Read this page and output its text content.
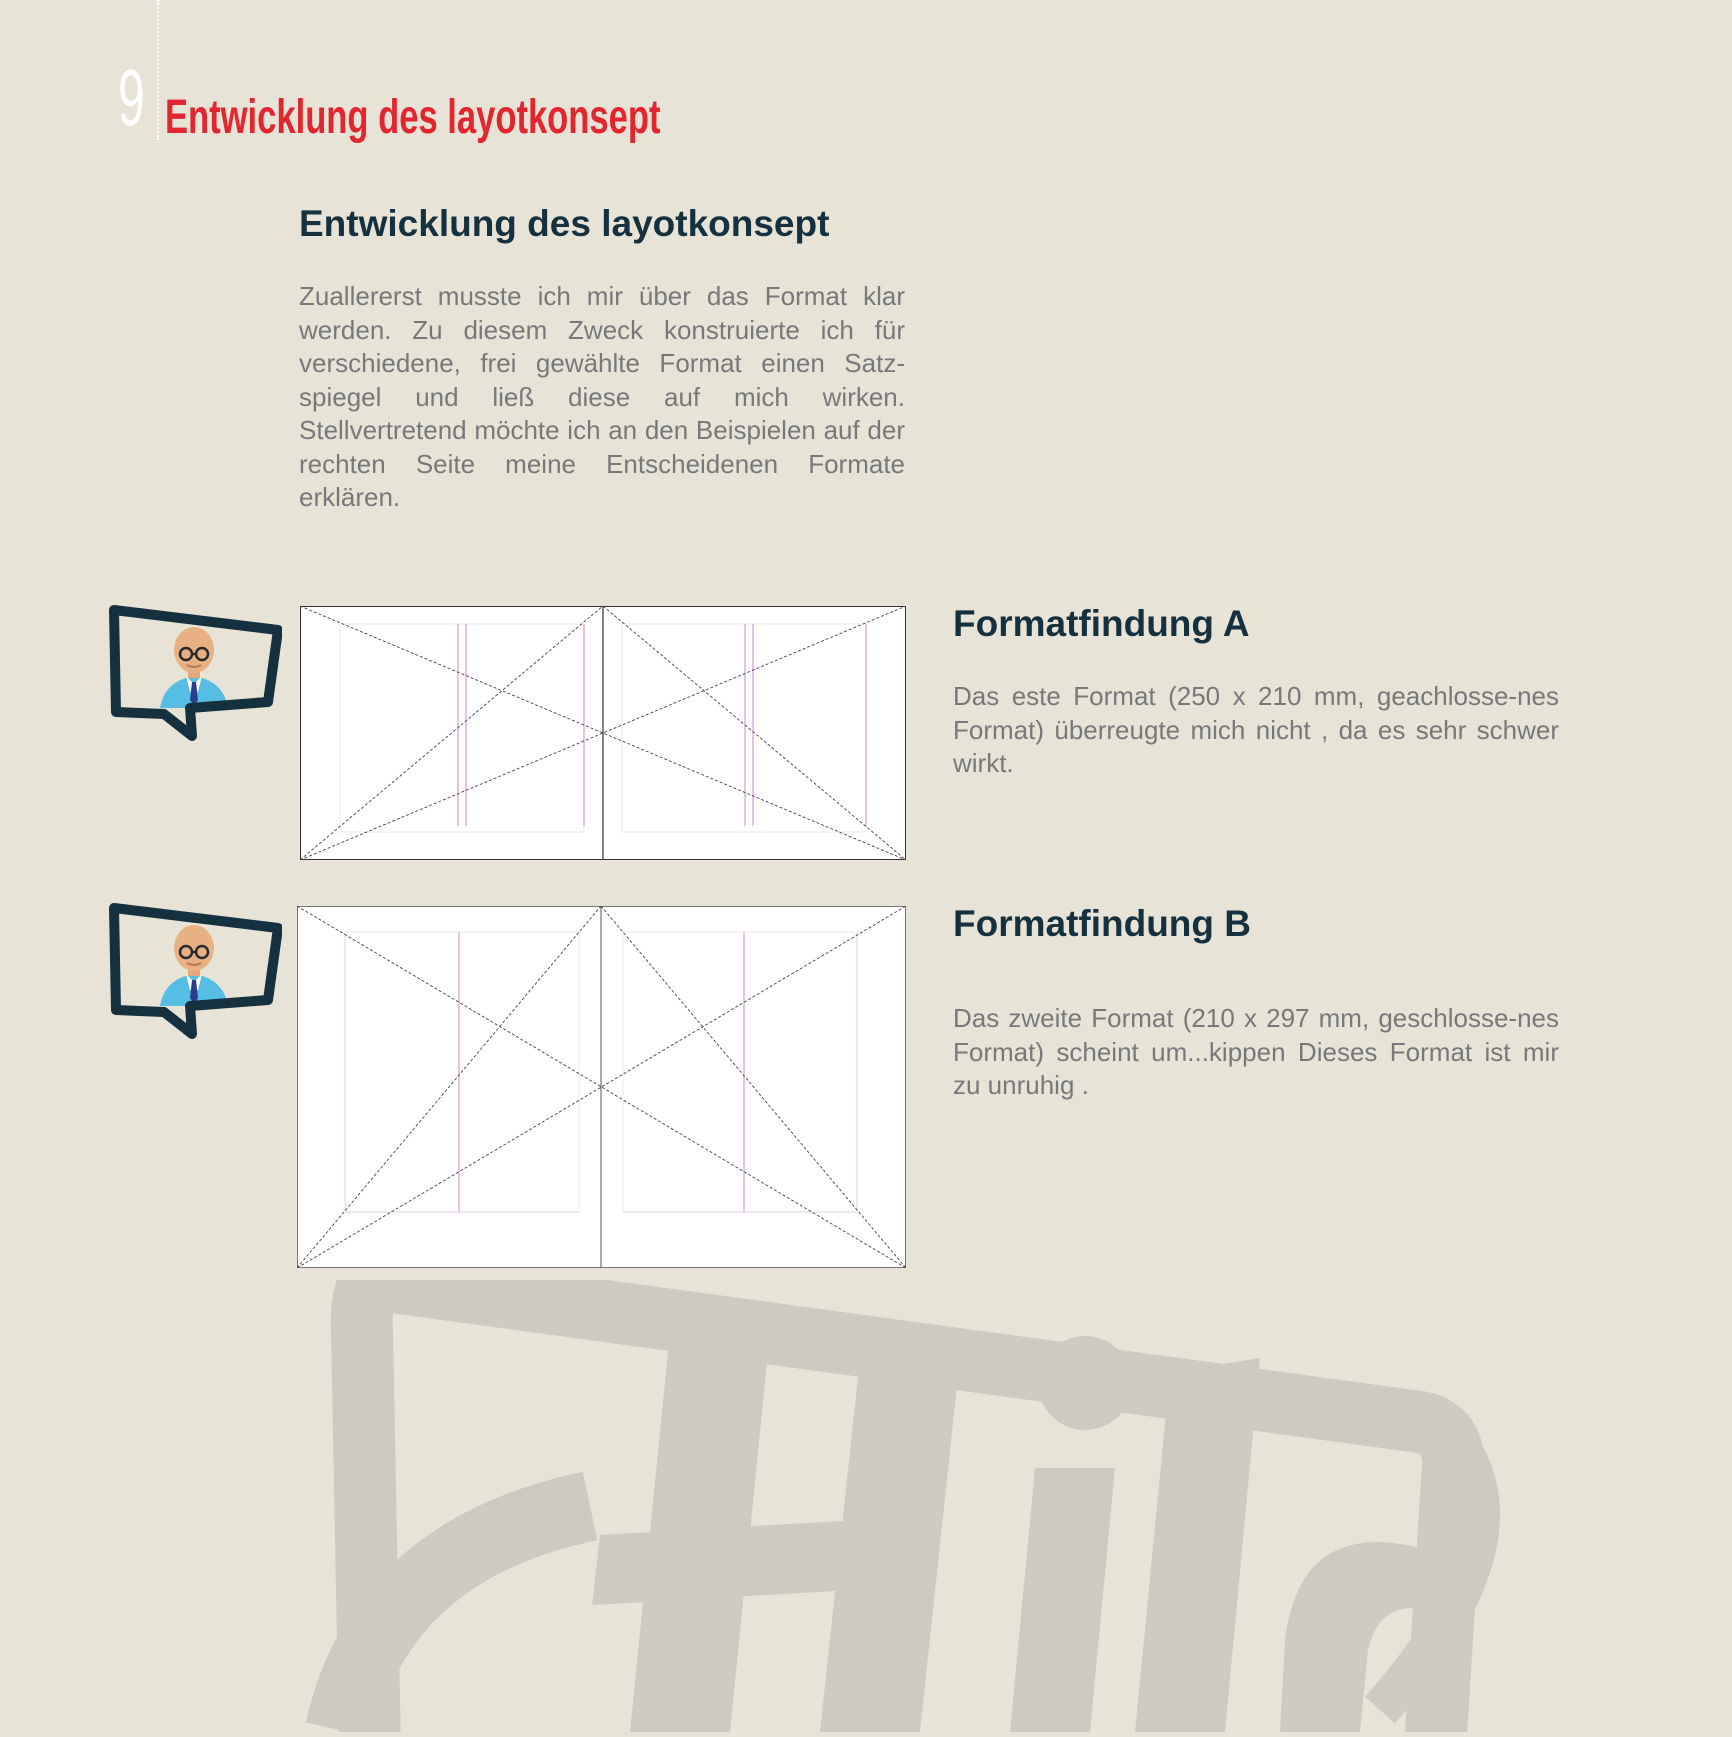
9 Entwicklung des layotkonsept
Entwicklung des layotkonsept

Zuallererst musste ich mir über das Format klar werden. Zu diesem Zweck konstruierte ich für verschiedene, frei gewählte Format einen Satz-spiegel und ließ diese auf mich wirken. Stellvertretend möchte ich an den Beispielen auf der rechten Seite meine Entscheidenen Formate erklären.

Formatfindung A

Das este Format (250 x 210 mm, geachlosse-nes Format) überreugte mich nicht , da es sehr schwer wirkt.

Formatfindung B

Das zweite Format (210 x 297 mm, geschlosse-nes Format) scheint um...kippen Dieses Format ist mir zu unruhig .
